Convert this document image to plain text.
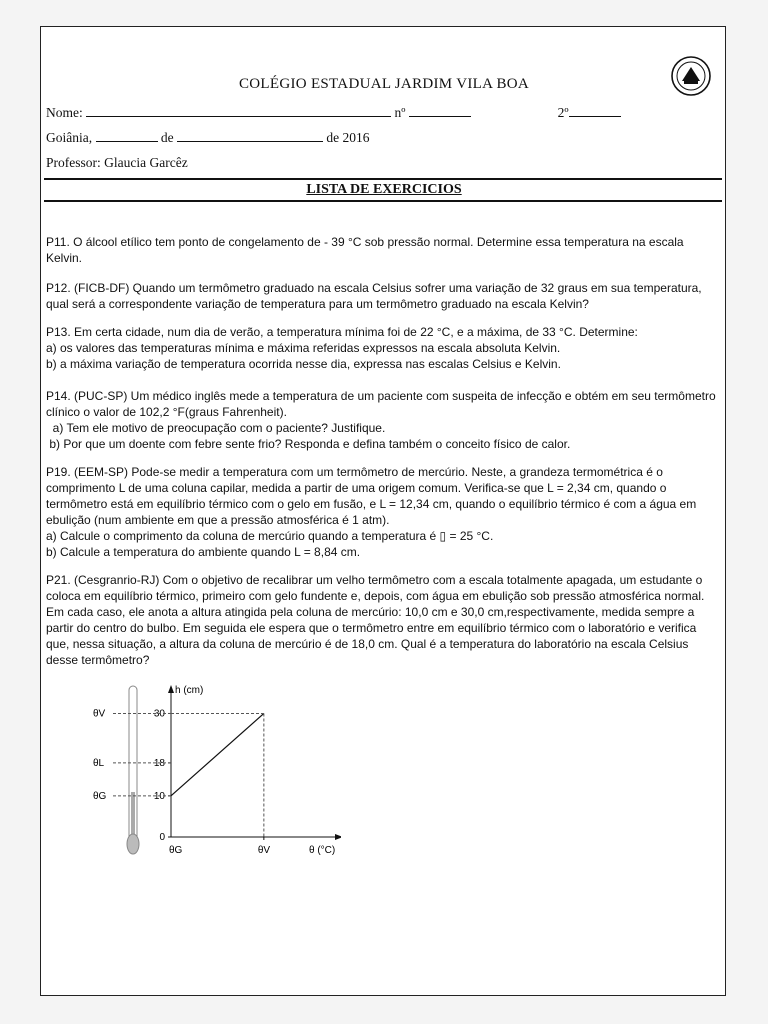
COLÉGIO ESTADUAL JARDIM VILA BOA
Nome:	nº	2º
Goiânia,	de	de 2016
Professor: Glaucia Garcêz
LISTA DE EXERCICIOS

P11. O álcool etílico tem ponto de congelamento de - 39 °C sob pressão normal. Determine essa temperatura na escala Kelvin.

P12. (FICB-DF) Quando um termômetro graduado na escala Celsius sofrer uma variação de 32 graus em sua temperatura, qual será a correspondente variação de temperatura para um termômetro graduado na escala Kelvin?

P13. Em certa cidade, num dia de verão, a temperatura mínima foi de 22 °C, e a máxima, de 33 °C. Determine:

a) os valores das temperaturas mínima e máxima referidas expressos na escala absoluta Kelvin.

b) a máxima variação de temperatura ocorrida nesse dia, expressa nas escalas Celsius e Kelvin.

P14. (PUC-SP) Um médico inglês mede a temperatura de um paciente com suspeita de infecção e obtém em seu termômetro clínico o valor de 102,2 °F(graus Fahrenheit).

a) Tem ele motivo de preocupação com o paciente? Justifique.

b) Por que um doente com febre sente frio? Responda e defina também o conceito físico de calor.

P19. (EEM-SP) Pode-se medir a temperatura com um termômetro de mercúrio. Neste, a grandeza termométrica é o comprimento L de uma coluna capilar, medida a partir de uma origem comum. Verifica-se que L = 2,34 cm, quando o termômetro está em equilíbrio térmico com o gelo em fusão, e L = 12,34 cm, quando o equilíbrio térmico é com a água em ebulição (num ambiente em que a pressão atmosférica é 1 atm).

a) Calcule o comprimento da coluna de mercúrio quando a temperatura é ▯ = 25 °C.

b) Calcule a temperatura do ambiente quando L = 8,84 cm.

P21. (Cesgranrio-RJ) Com o objetivo de recalibrar um velho termômetro com a escala totalmente apagada, um estudante o coloca em equilíbrio térmico, primeiro com gelo fundente e, depois, com água em ebulição sob pressão atmosférica normal. Em cada caso, ele anota a altura atingida pela coluna de mercúrio: 10,0 cm e 30,0 cm,respectivamente, medida sempre a partir do centro do bulbo. Em seguida ele espera que o termômetro entre em equilíbrio térmico com o laboratório e verifica que, nessa situação, a altura da coluna de mercúrio é de 18,0 cm. Qual é a temperatura do laboratório na escala Celsius desse termômetro?

h (cm)
θ (°C)
0
10
18
30
θV
θL
θG
θG	θV
